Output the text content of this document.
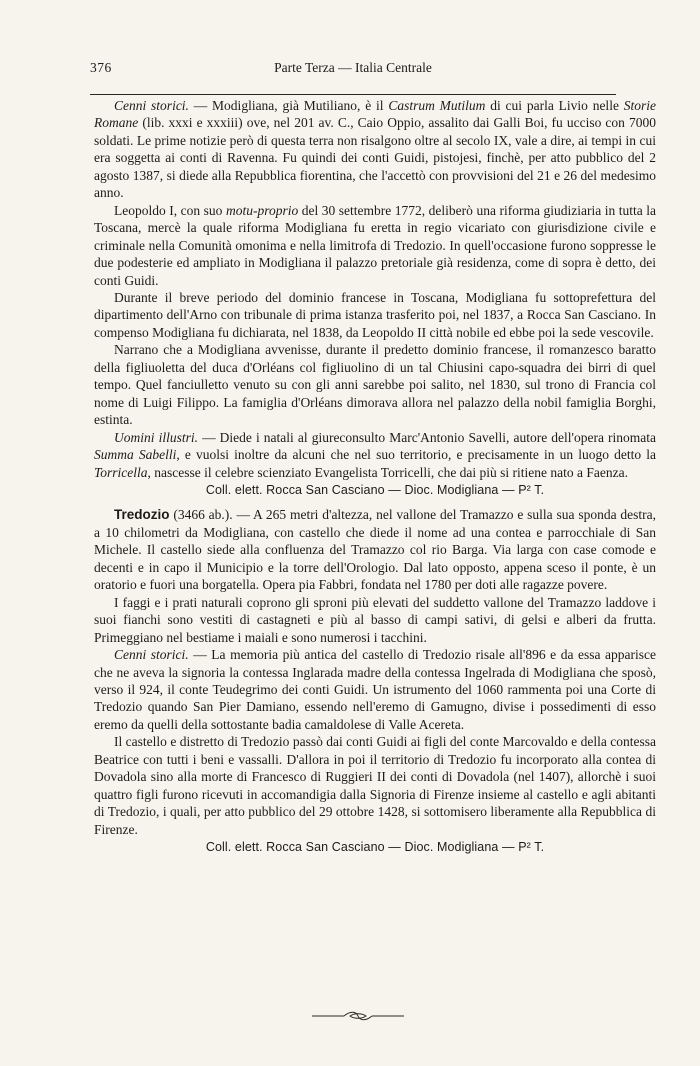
376	Parte Terza — Italia Centrale

Cenni storici. — Modigliana, già Mutiliano, è il Castrum Mutilum di cui parla Livio nelle Storie Romane (lib. xxxi e xxxiii) ove, nel 201 av. C., Caio Oppio, assalito dai Galli Boi, fu ucciso con 7000 soldati. Le prime notizie però di questa terra non risalgono oltre al secolo IX, vale a dire, ai tempi in cui era soggetta ai conti di Ravenna. Fu quindi dei conti Guidi, pistojesi, finchè, per atto pubblico del 2 agosto 1387, si diede alla Repubblica fiorentina, che l'accettò con provvisioni del 21 e 26 del medesimo anno.

Leopoldo I, con suo motu-proprio del 30 settembre 1772, deliberò una riforma giudiziaria in tutta la Toscana, mercè la quale riforma Modigliana fu eretta in regio vicariato con giurisdizione civile e criminale nella Comunità omonima e nella limitrofa di Tredozio. In quell'occasione furono soppresse le due podesterie ed ampliato in Modigliana il palazzo pretoriale già residenza, come di sopra è detto, dei conti Guidi.

Durante il breve periodo del dominio francese in Toscana, Modigliana fu sottoprefettura del dipartimento dell'Arno con tribunale di prima istanza trasferito poi, nel 1837, a Rocca San Casciano. In compenso Modigliana fu dichiarata, nel 1838, da Leopoldo II città nobile ed ebbe poi la sede vescovile.

Narrano che a Modigliana avvenisse, durante il predetto dominio francese, il romanzesco baratto della figliuoletta del duca d'Orléans col figliuolino di un tal Chiusini capo-squadra dei birri di quel tempo. Quel fanciulletto venuto su con gli anni sarebbe poi salito, nel 1830, sul trono di Francia col nome di Luigi Filippo. La famiglia d'Orléans dimorava allora nel palazzo della nobil famiglia Borghi, estinta.

Uomini illustri. — Diede i natali al giureconsulto Marc'Antonio Savelli, autore dell'opera rinomata Summa Sabelli, e vuolsi inoltre da alcuni che nel suo territorio, e precisamente in un luogo detto la Torricella, nascesse il celebre scienziato Evangelista Torricelli, che dai più si ritiene nato a Faenza.

Coll. elett. Rocca San Casciano — Dioc. Modigliana — P² T.

Tredozio (3466 ab.). — A 265 metri d'altezza, nel vallone del Tramazzo e sulla sua sponda destra, a 10 chilometri da Modigliana, con castello che diede il nome ad una contea e parrocchiale di San Michele. Il castello siede alla confluenza del Tramazzo col rio Barga. Via larga con case comode e decenti e in capo il Municipio e la torre dell'Orologio. Dal lato opposto, appena sceso il ponte, è un oratorio e fuori una borgatella. Opera pia Fabbri, fondata nel 1780 per doti alle ragazze povere.

I faggi e i prati naturali coprono gli sproni più elevati del suddetto vallone del Tramazzo laddove i suoi fianchi sono vestiti di castagneti e più al basso di campi sativi, di gelsi e alberi da frutta. Primeggiano nel bestiame i maiali e sono numerosi i tacchini.

Cenni storici. — La memoria più antica del castello di Tredozio risale all'896 e da essa apparisce che ne aveva la signoria la contessa Inglarada madre della contessa Ingelrada di Modigliana che sposò, verso il 924, il conte Teudegrimo dei conti Guidi. Un istrumento del 1060 rammenta poi una Corte di Tredozio quando San Pier Damiano, essendo nell'eremo di Gamugno, divise i possedimenti di esso eremo da quelli della sottostante badia camaldolese di Valle Acereta.

Il castello e distretto di Tredozio passò dai conti Guidi ai figli del conte Marcovaldo e della contessa Beatrice con tutti i beni e vassalli. D'allora in poi il territorio di Tredozio fu incorporato alla contea di Dovadola sino alla morte di Francesco di Ruggieri II dei conti di Dovadola (nel 1407), allorchè i suoi quattro figli furono ricevuti in accomandigia dalla Signoria di Firenze insieme al castello e agli abitanti di Tredozio, i quali, per atto pubblico del 29 ottobre 1428, si sottomisero liberamente alla Repubblica di Firenze.

Coll. elett. Rocca San Casciano — Dioc. Modigliana — P² T.
